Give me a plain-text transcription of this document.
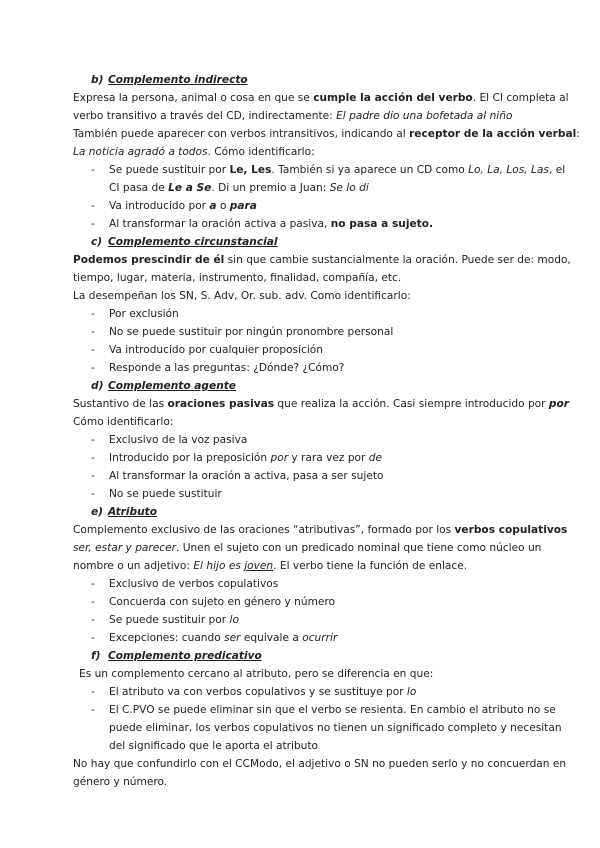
b) Complemento indirecto
Expresa la persona, animal o cosa en que se cumple la acción del verbo. El CI completa al
verbo transitivo a través del CD, indirectamente: El padre dio una bofetada al niño
También puede aparecer con verbos intransitivos, indicando al receptor de la acción verbal:
La noticia agradó a todos. Cómo identificarlo:
- Se puede sustituir por Le, Les. También si ya aparece un CD como Lo, La, Los, Las, el
CI pasa de Le a Se. Di un premio a Juan: Se lo di
- Va introducido por a o para
- Al transformar la oración activa a pasiva, no pasa a sujeto.
c) Complemento circunstancial
Podemos prescindir de él sin que cambie sustancialmente la oración. Puede ser de: modo,
tiempo, lugar, materia, instrumento, finalidad, compañía, etc.
La desempeñan los SN, S. Adv, Or. sub. adv. Como identificarlo:
- Por exclusión
- No se puede sustituir por ningún pronombre personal
- Va introducido por cualquier proposición
- Responde a las preguntas: ¿Dónde? ¿Cómo?
d) Complemento agente
Sustantivo de las oraciones pasivas que realiza la acción. Casi siempre introducido por por
Cómo identificarlo:
- Exclusivo de la voz pasiva
- Introducido por la preposición por y rara vez por de
- Al transformar la oración a activa, pasa a ser sujeto
- No se puede sustituir
e) Atributo
Complemento exclusivo de las oraciones “atributivas”, formado por los verbos copulativos
ser, estar y parecer. Unen el sujeto con un predicado nominal que tiene como núcleo un
nombre o un adjetivo: El hijo es joven. El verbo tiene la función de enlace.
- Exclusivo de verbos copulativos
- Concuerda con sujeto en género y número
- Se puede sustituir por lo
- Excepciones: cuando ser equivale a ocurrir
f) Complemento predicativo
Es un complemento cercano al atributo, pero se diferencia en que:
- El atributo va con verbos copulativos y se sustituye por lo
- El C.PVO se puede eliminar sin que el verbo se resienta. En cambio el atributo no se
puede eliminar, los verbos copulativos no tienen un significado completo y necesitan
del significado que le aporta el atributo
No hay que confundirlo con el CCModo, el adjetivo o SN no pueden serlo y no concuerdan en
género y número.
